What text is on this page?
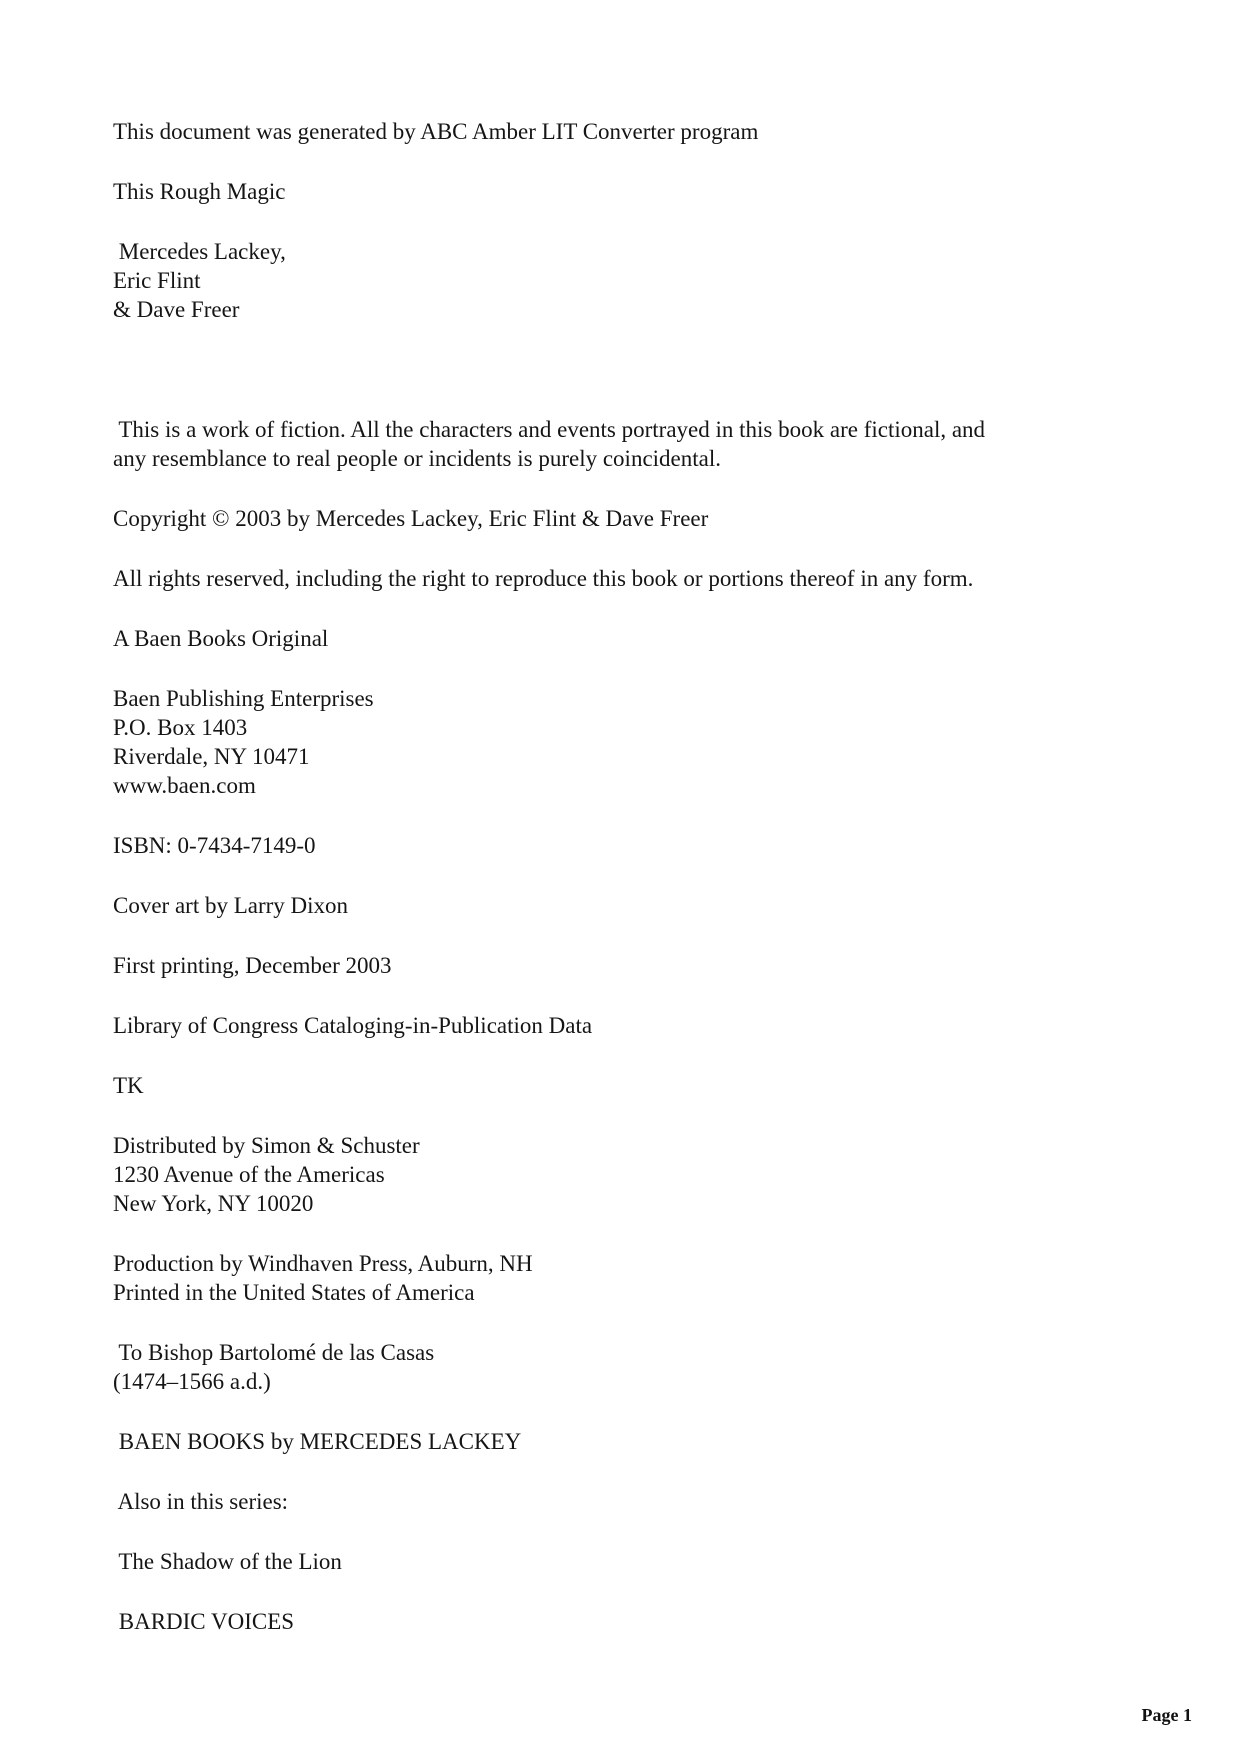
This document was generated by ABC Amber LIT Converter program

This Rough Magic

Mercedes Lackey,
Eric Flint
& Dave Freer

This is a work of fiction. All the characters and events portrayed in this book are fictional, and
any resemblance to real people or incidents is purely coincidental.

Copyright © 2003 by Mercedes Lackey, Eric Flint & Dave Freer

All rights reserved, including the right to reproduce this book or portions thereof in any form.

A Baen Books Original

Baen Publishing Enterprises
P.O. Box 1403
Riverdale, NY 10471
www.baen.com

ISBN: 0-7434-7149-0

Cover art by Larry Dixon

First printing, December 2003

Library of Congress Cataloging-in-Publication Data

TK

Distributed by Simon & Schuster
1230 Avenue of the Americas
New York, NY 10020

Production by Windhaven Press, Auburn, NH
Printed in the United States of America

To Bishop Bartolomé de las Casas
(1474–1566 a.d.)

BAEN BOOKS by MERCEDES LACKEY

Also in this series:

The Shadow of the Lion

BARDIC VOICES

Page 1
